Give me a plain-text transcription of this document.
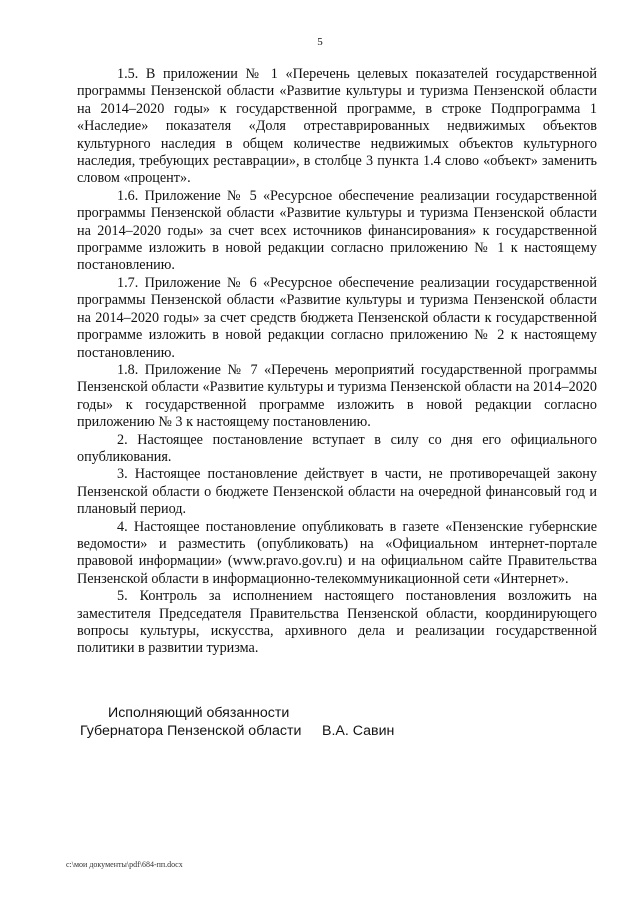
5

1.5. В приложении № 1 «Перечень целевых показателей государственной программы Пензенской области «Развитие культуры и туризма Пензенской области на 2014–2020 годы» к государственной программе, в строке Подпрограмма 1 «Наследие» показателя «Доля отреставрированных недвижимых объектов культурного наследия в общем количестве недвижимых объектов культурного наследия, требующих реставрации», в столбце 3 пункта 1.4 слово «объект» заменить словом «процент».

1.6. Приложение № 5 «Ресурсное обеспечение реализации государственной программы Пензенской области «Развитие культуры и туризма Пензенской области на 2014–2020 годы» за счет всех источников финансирования» к государственной программе изложить в новой редакции согласно приложению № 1 к настоящему постановлению.

1.7. Приложение № 6 «Ресурсное обеспечение реализации государственной программы Пензенской области «Развитие культуры и туризма Пензенской области на 2014–2020 годы» за счет средств бюджета Пензенской области к государственной программе изложить в новой редакции согласно приложению № 2 к настоящему постановлению.

1.8. Приложение № 7 «Перечень мероприятий государственной программы Пензенской области «Развитие культуры и туризма Пензенской области на 2014–2020 годы» к государственной программе изложить в новой редакции согласно приложению № 3 к настоящему постановлению.

2. Настоящее постановление вступает в силу со дня его официального опубликования.

3. Настоящее постановление действует в части, не противоречащей закону Пензенской области о бюджете Пензенской области на очередной финансовый год и плановый период.

4. Настоящее постановление опубликовать в газете «Пензенские губернские ведомости» и разместить (опубликовать) на «Официальном интернет-портале правовой информации» (www.pravo.gov.ru) и на официальном сайте Правительства Пензенской области в информационно-телекоммуникационной сети «Интернет».

5. Контроль за исполнением настоящего постановления возложить на заместителя Председателя Правительства Пензенской области, координирующего вопросы культуры, искусства, архивного дела и реализации государственной политики в развитии туризма.

Исполняющий обязанности
Губернатора Пензенской области В.А. Савин
c:\мои документы\pdf\684-пп.docx
